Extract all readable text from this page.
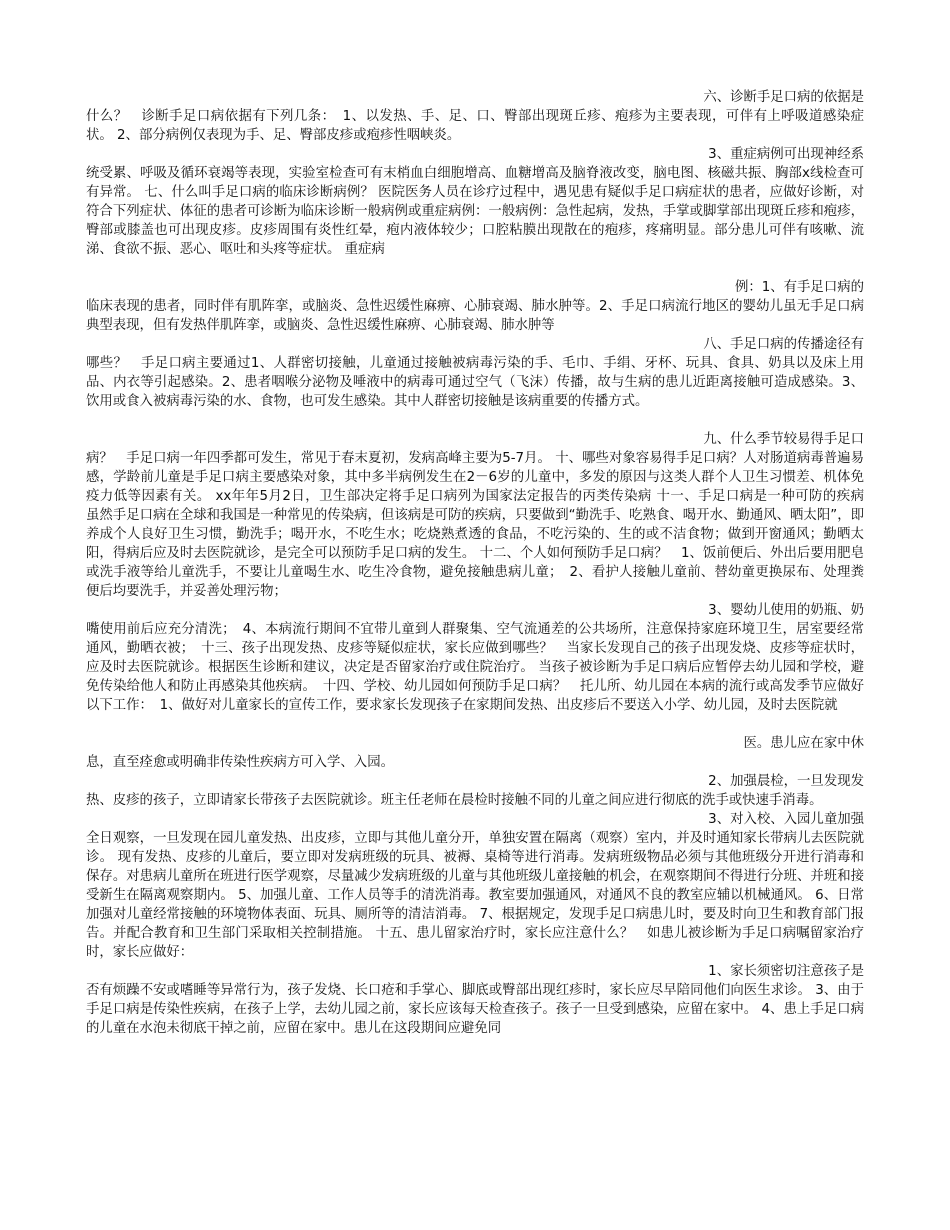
六、诊断手足口病的依据是

什么？　诊断手足口病依据有下列几条：　1、以发热、手、足、口、臀部出现斑丘疹、疱疹为主要表现，可伴有上呼吸道感染症状。 2、部分病例仅表现为手、足、臀部皮疹或疱疹性咽峡炎。

3、重症病例可出现神经系

统受累、呼吸及循环衰竭等表现，实验室检查可有末梢血白细胞增高、血糖增高及脑脊液改变，脑电图、核磁共振、胸部x线检查可有异常。 七、什么叫手足口病的临床诊断病例？ 医院医务人员在诊疗过程中，遇见患有疑似手足口病症状的患者，应做好诊断，对符合下列症状、体征的患者可诊断为临床诊断一般病例或重症病例：一般病例：急性起病，发热，手掌或脚掌部出现斑丘疹和疱疹，臀部或膝盖也可出现皮疹。皮疹周围有炎性红晕，疱内液体较少；口腔粘膜出现散在的疱疹，疼痛明显。部分患儿可伴有咳嗽、流涕、食欲不振、恶心、呕吐和头疼等症状。 重症病

例：1、有手足口病的

临床表现的患者，同时伴有肌阵挛，或脑炎、急性迟缓性麻痹、心肺衰竭、肺水肿等。2、手足口病流行地区的婴幼儿虽无手足口病典型表现，但有发热伴肌阵挛，或脑炎、急性迟缓性麻痹、心肺衰竭、肺水肿等

八、手足口病的传播途径有

哪些？　手足口病主要通过1、人群密切接触，儿童通过接触被病毒污染的手、毛巾、手绢、牙杯、玩具、食具、奶具以及床上用品、内衣等引起感染。2、患者咽喉分泌物及唾液中的病毒可通过空气（飞沫）传播，故与生病的患儿近距离接触可造成感染。3、饮用或食入被病毒污染的水、食物，也可发生感染。其中人群密切接触是该病重要的传播方式。

九、什么季节较易得手足口

病？　手足口病一年四季都可发生，常见于春末夏初，发病高峰主要为5-7月。 十、哪些对象容易得手足口病？人对肠道病毒普遍易感，学龄前儿童是手足口病主要感染对象，其中多半病例发生在2－6岁的儿童中，多发的原因与这类人群个人卫生习惯差、机体免疫力低等因素有关。 xx年年5月2日，卫生部决定将手足口病列为国家法定报告的丙类传染病 十一、手足口病是一种可防的疾病　 虽然手足口病在全球和我国是一种常见的传染病，但该病是可防的疾病，只要做到“勤洗手、吃熟食、喝开水、勤通风、晒太阳”，即养成个人良好卫生习惯，勤洗手；喝开水，不吃生水；吃烧熟煮透的食品，不吃污染的、生的或不洁食物；做到开窗通风；勤晒太阳，得病后应及时去医院就诊，是完全可以预防手足口病的发生。 十二、个人如何预防手足口病？　1、饭前便后、外出后要用肥皂或洗手液等给儿童洗手，不要让儿童喝生水、吃生冷食物，避免接触患病儿童；　2、看护人接触儿童前、替幼童更换尿布、处理粪便后均要洗手，并妥善处理污物；

3、婴幼儿使用的奶瓶、奶

嘴使用前后应充分清洗；　4、本病流行期间不宜带儿童到人群聚集、空气流通差的公共场所，注意保持家庭环境卫生，居室要经常通风，勤晒衣被；　十三、孩子出现发热、皮疹等疑似症状，家长应做到哪些？　当家长发现自己的孩子出现发烧、皮疹等症状时，应及时去医院就诊。根据医生诊断和建议，决定是否留家治疗或住院治疗。 当孩子被诊断为手足口病后应暂停去幼儿园和学校，避免传染给他人和防止再感染其他疾病。　十四、学校、幼儿园如何预防手足口病？　托儿所、幼儿园在本病的流行或高发季节应做好以下工作：　1、做好对儿童家长的宣传工作，要求家长发现孩子在家期间发热、出皮疹后不要送入小学、幼儿园，及时去医院就

医。患儿应在家中休

息，直至痊愈或明确非传染性疾病方可入学、入园。

2、加强晨检，一旦发现发

热、皮疹的孩子，立即请家长带孩子去医院就诊。班主任老师在晨检时接触不同的儿童之间应进行彻底的洗手或快速手消毒。

3、对入校、入园儿童加强

全日观察，一旦发现在园儿童发热、出皮疹，立即与其他儿童分开，单独安置在隔离（观察）室内，并及时通知家长带病儿去医院就诊。 现有发热、皮疹的儿童后，要立即对发病班级的玩具、被褥、桌椅等进行消毒。发病班级物品必须与其他班级分开进行消毒和保存。对患病儿童所在班进行医学观察，尽量减少发病班级的儿童与其他班级儿童接触的机会，在观察期间不得进行分班、并班和接受新生在隔离观察期内。 5、加强儿童、工作人员等手的清洗消毒。教室要加强通风，对通风不良的教室应辅以机械通风。 6、日常加强对儿童经常接触的环境物体表面、玩具、厕所等的清洁消毒。 7、根据规定，发现手足口病患儿时，要及时向卫生和教育部门报告。并配合教育和卫生部门采取相关控制措施。 十五、患儿留家治疗时，家长应注意什么？　如患儿被诊断为手足口病嘱留家治疗时，家长应做好：

1、家长须密切注意孩子是

否有烦躁不安或嗜睡等异常行为，孩子发烧、长口疮和手掌心、脚底或臀部出现红疹时，家长应尽早陪同他们向医生求诊。 3、由于手足口病是传染性疾病，在孩子上学，去幼儿园之前，家长应该每天检查孩子。孩子一旦受到感染，应留在家中。 4、患上手足口病的儿童在水泡未彻底干掉之前，应留在家中。患儿在这段期间应避免同
